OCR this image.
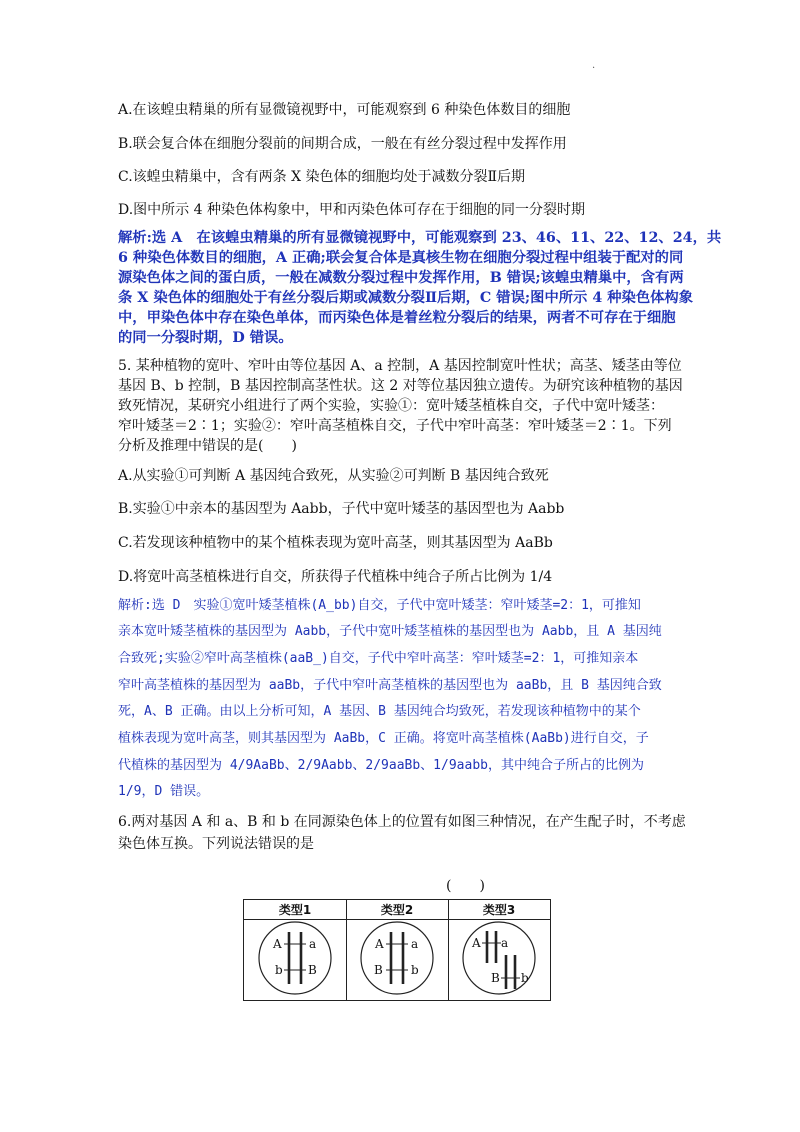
.
A.在该蝗虫精巢的所有显微镜视野中，可能观察到 6 种染色体数目的细胞
B.联会复合体在细胞分裂前的间期合成，一般在有丝分裂过程中发挥作用
C.该蝗虫精巢中，含有两条 X 染色体的细胞均处于减数分裂Ⅱ后期
D.图中所示 4 种染色体构象中，甲和丙染色体可存在于细胞的同一分裂时期
解析:选 A　在该蝗虫精巢的所有显微镜视野中，可能观察到 23、46、11、22、12、24，共
6 种染色体数目的细胞，A 正确;联会复合体是真核生物在细胞分裂过程中组装于配对的同
源染色体之间的蛋白质，一般在减数分裂过程中发挥作用，B 错误;该蝗虫精巢中，含有两
条 X 染色体的细胞处于有丝分裂后期或减数分裂Ⅱ后期，C 错误;图中所示 4 种染色体构象
中，甲染色体中存在染色单体，而丙染色体是着丝粒分裂后的结果，两者不可存在于细胞
的同一分裂时期，D 错误。
5. 某种植物的宽叶、窄叶由等位基因 A、a 控制，A 基因控制宽叶性状；高茎、矮茎由等位
基因 B、b 控制，B 基因控制高茎性状。这 2 对等位基因独立遗传。为研究该种植物的基因
致死情况，某研究小组进行了两个实验，实验①：宽叶矮茎植株自交，子代中宽叶矮茎：
窄叶矮茎＝2∶1；实验②：窄叶高茎植株自交，子代中窄叶高茎：窄叶矮茎＝2∶1。下列
分析及推理中错误的是(　　)
A.从实验①可判断 A 基因纯合致死，从实验②可判断 B 基因纯合致死
B.实验①中亲本的基因型为 Aabb，子代中宽叶矮茎的基因型也为 Aabb
C.若发现该种植物中的某个植株表现为宽叶高茎，则其基因型为 AaBb
D.将宽叶高茎植株进行自交，所获得子代植株中纯合子所占比例为 1/4
解析:选 D　实验①宽叶矮茎植株(A_bb)自交，子代中宽叶矮茎：窄叶矮茎=2：1，可推知
亲本宽叶矮茎植株的基因型为 Aabb，子代中宽叶矮茎植株的基因型也为 Aabb，且 A 基因纯
合致死;实验②窄叶高茎植株(aaB_)自交，子代中窄叶高茎：窄叶矮茎=2：1，可推知亲本
窄叶高茎植株的基因型为 aaBb，子代中窄叶高茎植株的基因型也为 aaBb，且 B 基因纯合致
死，A、B 正确。由以上分析可知，A 基因、B 基因纯合均致死，若发现该种植物中的某个
植株表现为宽叶高茎，则其基因型为 AaBb，C 正确。将宽叶高茎植株(AaBb)进行自交，子
代植株的基因型为 4/9AaBb、2/9Aabb、2/9aaBb、1/9aabb，其中纯合子所占的比例为
1/9，D 错误。
6.两对基因 A 和 a、B 和 b 在同源染色体上的位置有如图三种情况，在产生配子时，不考虑
染色体互换。下列说法错误的是
(　　)
类型1	类型2	类型3
A a
b B
A a
B b
A a
B b
